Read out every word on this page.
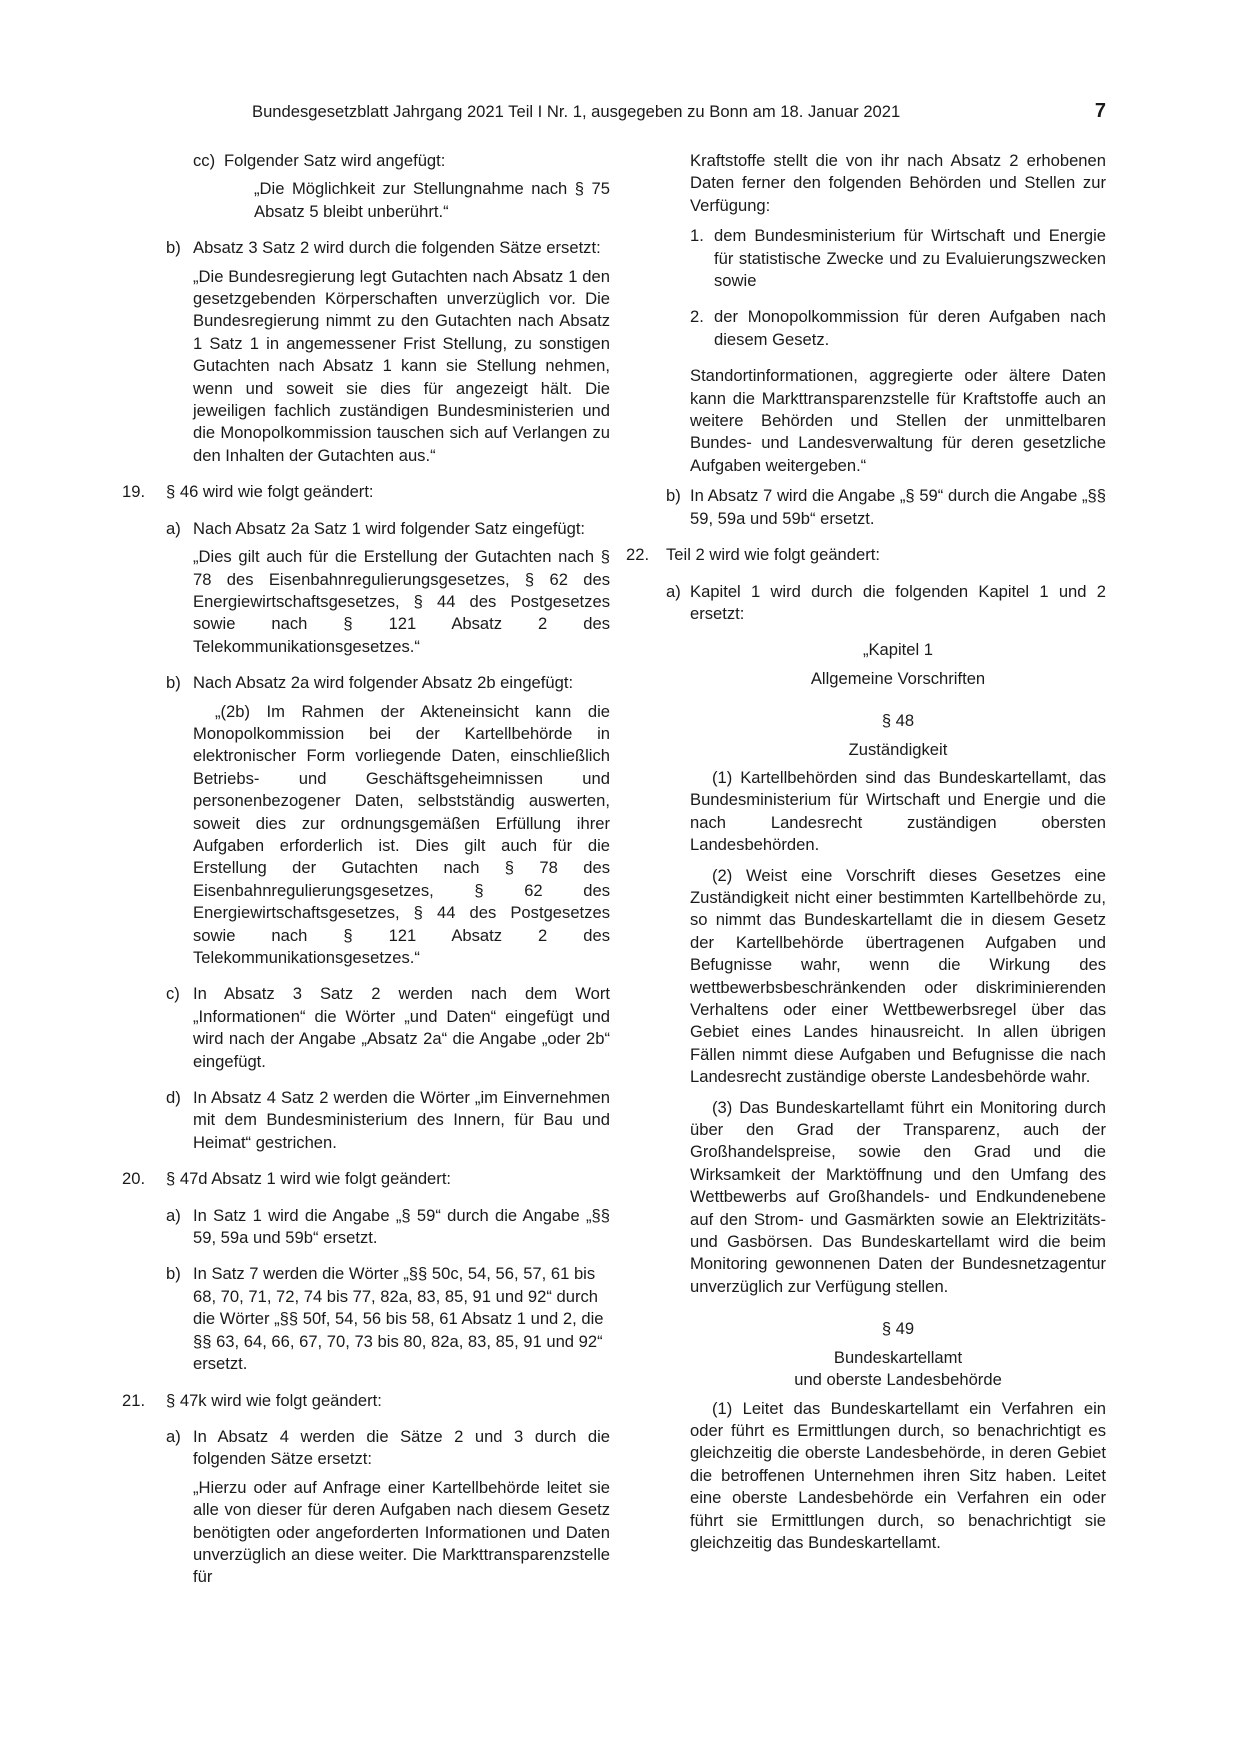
Bundesgesetzblatt Jahrgang 2021 Teil I Nr. 1, ausgegeben zu Bonn am 18. Januar 2021	7
cc) Folgender Satz wird angefügt:

„Die Möglichkeit zur Stellungnahme nach § 75 Absatz 5 bleibt unberührt.“

b) Absatz 3 Satz 2 wird durch die folgenden Sätze ersetzt:

„Die Bundesregierung legt Gutachten nach Absatz 1 den gesetzgebenden Körperschaften unverzüglich vor. Die Bundesregierung nimmt zu den Gutachten nach Absatz 1 Satz 1 in angemessener Frist Stellung, zu sonstigen Gutachten nach Absatz 1 kann sie Stellung nehmen, wenn und soweit sie dies für angezeigt hält. Die jeweiligen fachlich zuständigen Bundesministerien und die Monopolkommission tauschen sich auf Verlangen zu den Inhalten der Gutachten aus.“

19.	§ 46 wird wie folgt geändert:

a) Nach Absatz 2a Satz 1 wird folgender Satz eingefügt:

„Dies gilt auch für die Erstellung der Gutachten nach § 78 des Eisenbahnregulierungsgesetzes, § 62 des Energiewirtschaftsgesetzes, § 44 des Postgesetzes sowie nach § 121 Absatz 2 des Telekommunikationsgesetzes.“

b) Nach Absatz 2a wird folgender Absatz 2b eingefügt:

„(2b) Im Rahmen der Akteneinsicht kann die Monopolkommission bei der Kartellbehörde in elektronischer Form vorliegende Daten, einschließlich Betriebs- und Geschäftsgeheimnissen und personenbezogener Daten, selbstständig auswerten, soweit dies zur ordnungsgemäßen Erfüllung ihrer Aufgaben erforderlich ist. Dies gilt auch für die Erstellung der Gutachten nach § 78 des Eisenbahnregulierungsgesetzes, § 62 des Energiewirtschaftsgesetzes, § 44 des Postgesetzes sowie nach § 121 Absatz 2 des Telekommunikationsgesetzes.“

c) In Absatz 3 Satz 2 werden nach dem Wort „Informationen“ die Wörter „und Daten“ eingefügt und wird nach der Angabe „Absatz 2a“ die Angabe „oder 2b“ eingefügt.

d) In Absatz 4 Satz 2 werden die Wörter „im Einvernehmen mit dem Bundesministerium des Innern, für Bau und Heimat“ gestrichen.

20.	§ 47d Absatz 1 wird wie folgt geändert:

a) In Satz 1 wird die Angabe „§ 59“ durch die Angabe „§§ 59, 59a und 59b“ ersetzt.

b) In Satz 7 werden die Wörter „§§ 50c, 54, 56, 57, 61 bis 68, 70, 71, 72, 74 bis 77, 82a, 83, 85, 91 und 92“ durch die Wörter „§§ 50f, 54, 56 bis 58, 61 Absatz 1 und 2, die §§ 63, 64, 66, 67, 70, 73 bis 80, 82a, 83, 85, 91 und 92“ ersetzt.

21.	§ 47k wird wie folgt geändert:

a) In Absatz 4 werden die Sätze 2 und 3 durch die folgenden Sätze ersetzt:

„Hierzu oder auf Anfrage einer Kartellbehörde leitet sie alle von dieser für deren Aufgaben nach diesem Gesetz benötigten oder angeforderten Informationen und Daten unverzüglich an diese weiter. Die Markttransparenzstelle für

Kraftstoffe stellt die von ihr nach Absatz 2 erhobenen Daten ferner den folgenden Behörden und Stellen zur Verfügung:

1. dem Bundesministerium für Wirtschaft und Energie für statistische Zwecke und zu Evaluierungszwecken sowie

2. der Monopolkommission für deren Aufgaben nach diesem Gesetz.

Standortinformationen, aggregierte oder ältere Daten kann die Markttransparenzstelle für Kraftstoffe auch an weitere Behörden und Stellen der unmittelbaren Bundes- und Landesverwaltung für deren gesetzliche Aufgaben weitergeben.“

b) In Absatz 7 wird die Angabe „§ 59“ durch die Angabe „§§ 59, 59a und 59b“ ersetzt.

22.	Teil 2 wird wie folgt geändert:

a) Kapitel 1 wird durch die folgenden Kapitel 1 und 2 ersetzt:

„Kapitel 1

Allgemeine Vorschriften

§ 48

Zuständigkeit

(1) Kartellbehörden sind das Bundeskartellamt, das Bundesministerium für Wirtschaft und Energie und die nach Landesrecht zuständigen obersten Landesbehörden.

(2) Weist eine Vorschrift dieses Gesetzes eine Zuständigkeit nicht einer bestimmten Kartellbehörde zu, so nimmt das Bundeskartellamt die in diesem Gesetz der Kartellbehörde übertragenen Aufgaben und Befugnisse wahr, wenn die Wirkung des wettbewerbsbeschränkenden oder diskriminierenden Verhaltens oder einer Wettbewerbsregel über das Gebiet eines Landes hinausreicht. In allen übrigen Fällen nimmt diese Aufgaben und Befugnisse die nach Landesrecht zuständige oberste Landesbehörde wahr.

(3) Das Bundeskartellamt führt ein Monitoring durch über den Grad der Transparenz, auch der Großhandelspreise, sowie den Grad und die Wirksamkeit der Marktöffnung und den Umfang des Wettbewerbs auf Großhandels- und Endkundenebene auf den Strom- und Gasmärkten sowie an Elektrizitäts- und Gasbörsen. Das Bundeskartellamt wird die beim Monitoring gewonnenen Daten der Bundesnetzagentur unverzüglich zur Verfügung stellen.

§ 49

Bundeskartellamt

und oberste Landesbehörde

(1) Leitet das Bundeskartellamt ein Verfahren ein oder führt es Ermittlungen durch, so benachrichtigt es gleichzeitig die oberste Landesbehörde, in deren Gebiet die betroffenen Unternehmen ihren Sitz haben. Leitet eine oberste Landesbehörde ein Verfahren ein oder führt sie Ermittlungen durch, so benachrichtigt sie gleichzeitig das Bundeskartellamt.
